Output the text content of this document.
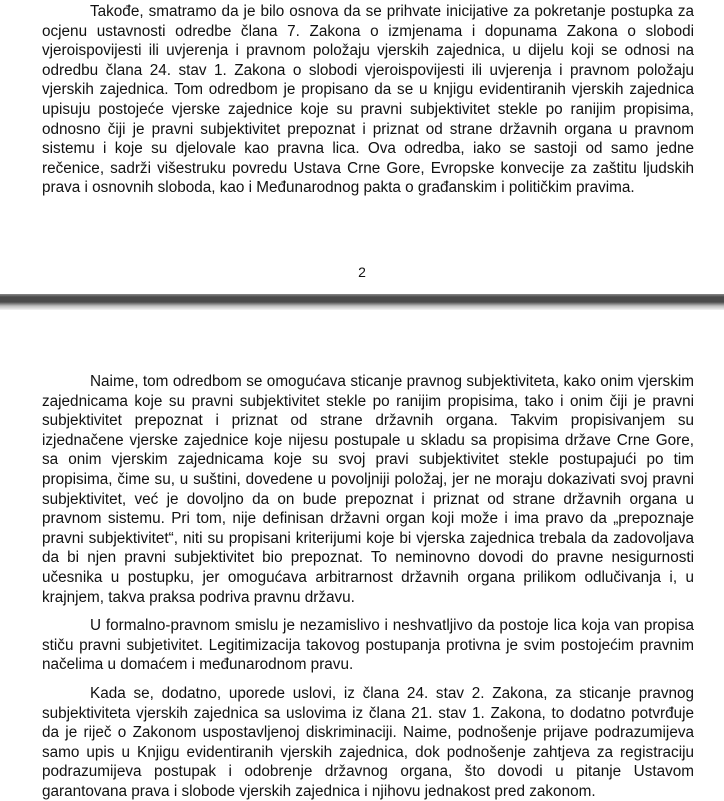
Takođe, smatramo da je bilo osnova da se prihvate inicijative za pokretanje postupka za ocjenu ustavnosti odredbe člana 7. Zakona o izmjenama i dopunama Zakona o slobodi vjeroispovijesti ili uvjerenja i pravnom položaju vjerskih zajednica, u dijelu koji se odnosi na odredbu člana 24. stav 1. Zakona o slobodi vjeroispovijesti ili uvjerenja i pravnom položaju vjerskih zajednica. Tom odredbom je propisano da se u knjigu evidentiranih vjerskih zajednica upisuju postojeće vjerske zajednice koje su pravni subjektivitet stekle po ranijim propisima, odnosno čiji je pravni subjektivitet prepoznat i priznat od strane državnih organa u pravnom sistemu i koje su djelovale kao pravna lica. Ova odredba, iako se sastoji od samo jedne rečenice, sadrži višestruku povredu Ustava Crne Gore, Evropske konvecije za zaštitu ljudskih prava i osnovnih sloboda, kao i Međunarodnog pakta o građanskim i političkim pravima.

2

Naime, tom odredbom se omogućava sticanje pravnog subjektiviteta, kako onim vjerskim zajednicama koje su pravni subjektivitet stekle po ranijim propisima, tako i onim čiji je pravni subjektivitet prepoznat i priznat od strane državnih organa. Takvim propisivanjem su izjednačene vjerske zajednice koje nijesu postupale u skladu sa propisima države Crne Gore, sa onim vjerskim zajednicama koje su svoj pravi subjektivitet stekle postupajući po tim propisima, čime su, u suštini, dovedene u povoljniji položaj, jer ne moraju dokazivati svoj pravni subjektivitet, već je dovoljno da on bude prepoznat i priznat od strane državnih organa u pravnom sistemu. Pri tom, nije definisan državni organ koji može i ima pravo da „prepoznaje pravni subjektivitet“, niti su propisani kriterijumi koje bi vjerska zajednica trebala da zadovoljava da bi njen pravni subjektivitet bio prepoznat. To neminovno dovodi do pravne nesigurnosti učesnika u postupku, jer omogućava arbitrarnost državnih organa prilikom odlučivanja i, u krajnjem, takva praksa podriva pravnu državu.

U formalno-pravnom smislu je nezamislivo i neshvatljivo da postoje lica koja van propisa stiču pravni subjetivitet. Legitimizacija takovog postupanja protivna je svim postojećim pravnim načelima u domaćem i međunarodnom pravu.

Kada se, dodatno, uporede uslovi, iz člana 24. stav 2. Zakona, za sticanje pravnog subjektiviteta vjerskih zajednica sa uslovima iz člana 21. stav 1. Zakona, to dodatno potvrđuje da je riječ o Zakonom uspostavljenoj diskriminaciji. Naime, podnošenje prijave podrazumijeva samo upis u Knjigu evidentiranih vjerskih zajednica, dok podnošenje zahtjeva za registraciju podrazumijeva postupak i odobrenje državnog organa, što dovodi u pitanje Ustavom garantovana prava i slobode vjerskih zajednica i njihovu jednakost pred zakonom.
